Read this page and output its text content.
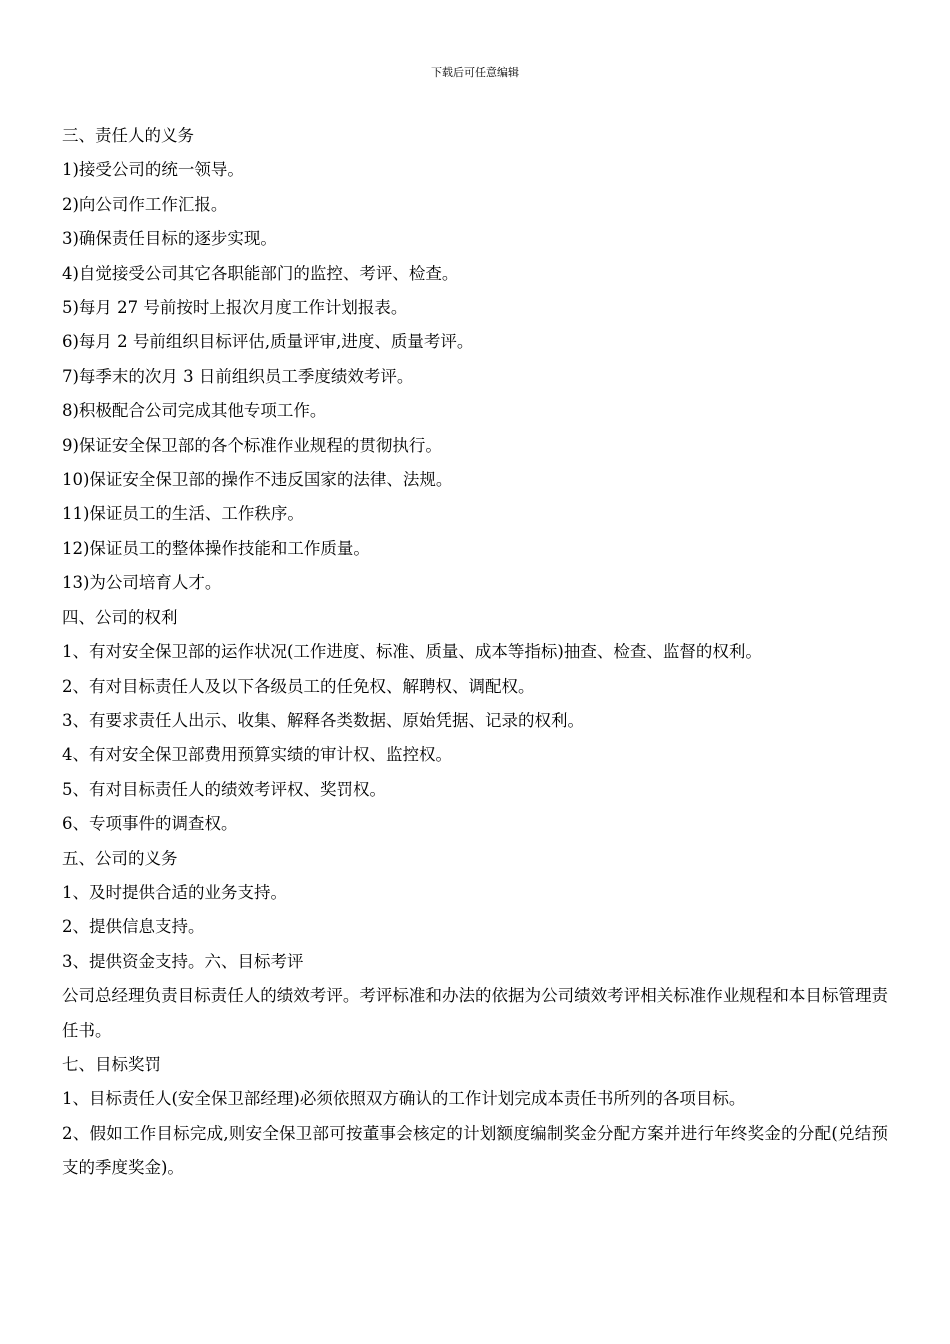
下载后可任意编辑
三、责任人的义务
1)接受公司的统一领导。
2)向公司作工作汇报。
3)确保责任目标的逐步实现。
4)自觉接受公司其它各职能部门的监控、考评、检查。
5)每月 27 号前按时上报次月度工作计划报表。
6)每月 2 号前组织目标评估,质量评审,进度、质量考评。
7)每季末的次月 3 日前组织员工季度绩效考评。
8)积极配合公司完成其他专项工作。
9)保证安全保卫部的各个标准作业规程的贯彻执行。
10)保证安全保卫部的操作不违反国家的法律、法规。
11)保证员工的生活、工作秩序。
12)保证员工的整体操作技能和工作质量。
13)为公司培育人才。
四、公司的权利
1、有对安全保卫部的运作状况(工作进度、标准、质量、成本等指标)抽查、检查、监督的权利。
2、有对目标责任人及以下各级员工的任免权、解聘权、调配权。
3、有要求责任人出示、收集、解释各类数据、原始凭据、记录的权利。
4、有对安全保卫部费用预算实绩的审计权、监控权。
5、有对目标责任人的绩效考评权、奖罚权。
6、专项事件的调查权。
五、公司的义务
1、及时提供合适的业务支持。
2、提供信息支持。
3、提供资金支持。六、目标考评
公司总经理负责目标责任人的绩效考评。考评标准和办法的依据为公司绩效考评相关标准作业规程和本目标管理责任书。
七、目标奖罚
1、目标责任人(安全保卫部经理)必须依照双方确认的工作计划完成本责任书所列的各项目标。
2、假如工作目标完成,则安全保卫部可按董事会核定的计划额度编制奖金分配方案并进行年终奖金的分配(兑结预支的季度奖金)。
